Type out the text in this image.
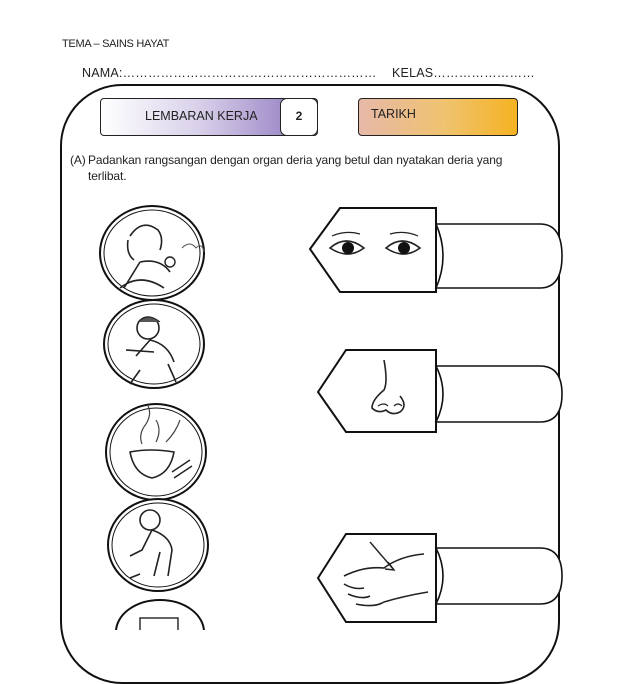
TEMA – SAINS HAYAT
NAMA:…………………………………………………… KELAS……………………
LEMBARAN KERJA	2	TARIKH
(A) Padankan rangsangan dengan organ deria yang betul dan nyatakan deria yang
terlibat.
